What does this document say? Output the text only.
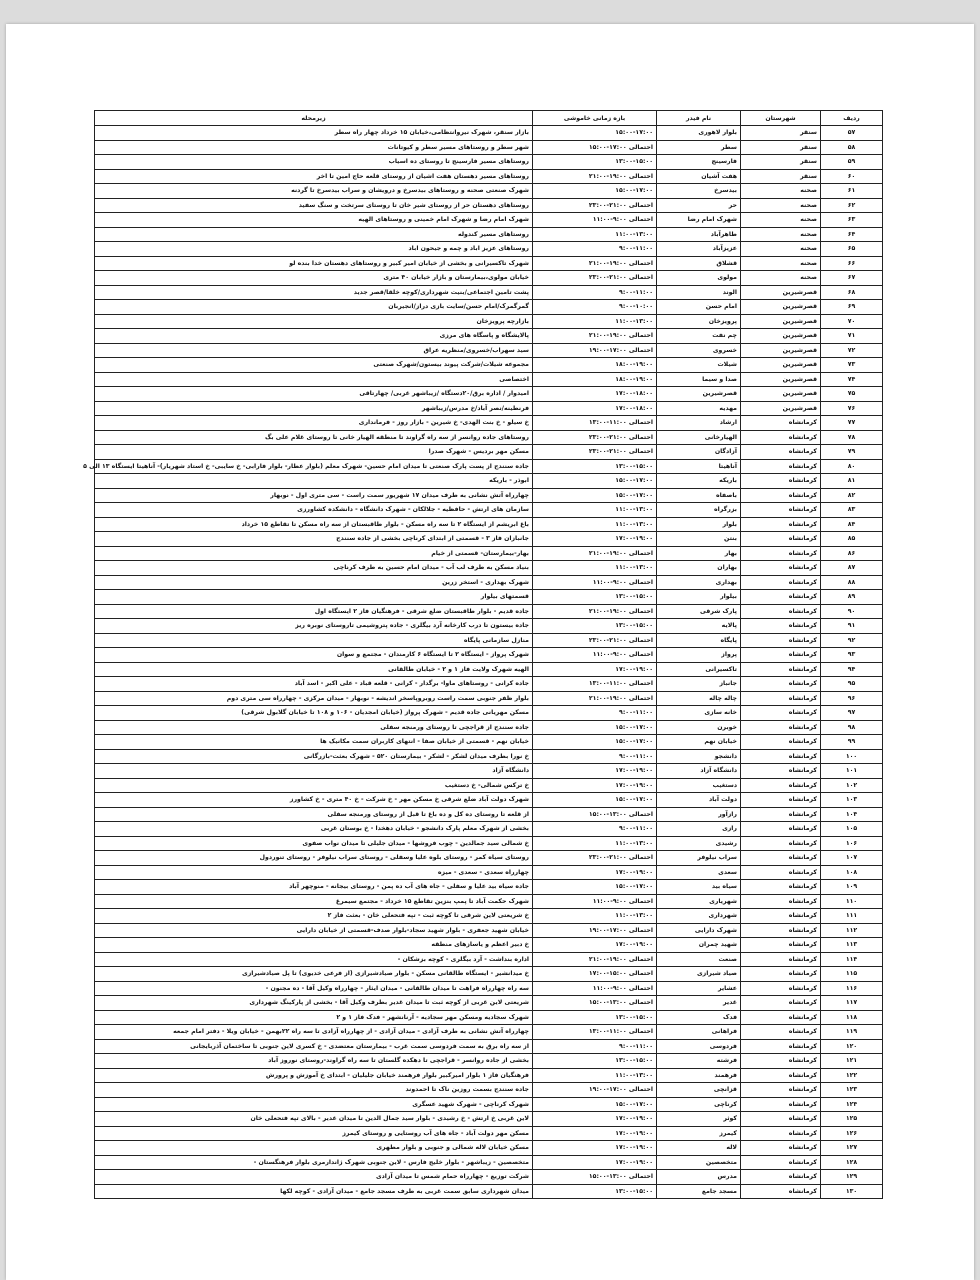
ردیف	شهرستان	نام فیدر	بازه زمانی خاموشی	زیرمحله
۵۷	سنقر	بلوار لاهوری	۱۵:۰۰-۱۷:۰۰	بازار سنقر، شهرک نیروانتظامی،خیابان ۱۵ خرداد چهار راه سطر
۵۸	سنقر	سطر	احتمالی ۱۷:۰۰-۱۵:۰۰	شهر سطر و روستاهای مسیر سطر و کیوتانات
۵۹	سنقر	فارسینج	۱۳:۰۰-۱۵:۰۰	روستاهای مسیر فارسینج تا روستای ده اسیاب
۶۰	سنقر	هفت آشیان	احتمالی ۱۹:۰۰-۲۱:۰۰	روستاهای مسیر دهستان هفت اشیان از روستای قلعه حاج امین تا اخر
۶۱	صحنه	بیدسرخ	۱۵:۰۰-۱۷:۰۰	شهرک صنعتی صحنه و روستاهای بیدسرخ و درویشان و سراب بیدسرخ تا گردنه
۶۲	صحنه	حر	احتمالی ۲۱:۰۰-۲۳:۰۰	روستاهای دهستان حر از روستای شیر خان تا روستای سرتخت و سنگ سفید
۶۳	صحنه	شهرک امام رضا	احتمالی ۹:۰۰-۱۱:۰۰	شهرک امام رضا و شهرک امام خمینی و روستاهای الهیه
۶۴	صحنه	طاهرآباد	۱۱:۰۰-۱۳:۰۰	روستاهای مسیر کندوله
۶۵	صحنه	عزیزآباد	۹:۰۰-۱۱:۰۰	روستاهای عزیز اباد و چمه و جیحون اباد
۶۶	صحنه	قشلاق	احتمالی ۱۹:۰۰-۲۱:۰۰	شهرک تاکسیرانی و بخشی از خیابان امیر کبیر و روستاهای دهستان خدا بنده لو
۶۷	صحنه	مولوی	احتمالی ۲۱:۰۰-۲۳:۰۰	خیابان مولوی،بیمارستان و بازار خیابان ۴۰ متری
۶۸	قصرشیرین	الوند	۹:۰۰-۱۱:۰۰	پشت تامین اجتماعی/بنیت شهرداری/کوچه خلقا/قصر جدید
۶۹	قصرشیرین	امام حسن	۹:۰۰-۱۰:۰۰	گمرگمرک/امام حسن/سایت بازی دراز/انجیربان
۷۰	قصرشیرین	پرویزخان	۱۱:۰۰-۱۳:۰۰	بازارچه پرویزخان
۷۱	قصرشیرین	چم نفت	احتمالی ۱۹:۰۰-۲۱:۰۰	پالایشگاه و پاسگاه های مرزی
۷۲	قصرشیرین	خسروی	احتمالی ۱۷:۰۰-۱۹:۰۰	سید سهراب/خسروی/منظریه عراق
۷۳	قصرشیرین	شیلات	۱۸:۰۰-۱۹:۰۰	مجموعه شیلات/شرکت پیوند بیستون/شهرک صنعتی
۷۴	قصرشیرین	صدا و سیما	۱۸:۰۰-۱۹:۰۰	اختصاصی
۷۵	قصرشیرین	قصرشیرین	۱۷:۰۰-۱۸:۰۰	امیدوار / اداره برق/۲۰دستگاه /زیباشهر غربی/ چهارتاقی
۷۶	قصرشیرین	مهدیه	۱۷:۰۰-۱۸:۰۰	فرنطینه/نصر آباد/خ مدرس/زیباشهر
۷۷	کرمانشاه	ارشاد	احتمالی ۱۱:۰۰-۱۳:۰۰	خ سیلو - خ بنت الهدی- خ شیرین - بازار روز - فرمانداری
۷۸	کرمانشاه	الهیارخانی	احتمالی ۲۱:۰۰-۲۳:۰۰	روستاهای جاده روانسر از سه راه گراوند تا منطقه الهیار خانی تا روستای غلام علی بگ
۷۹	کرمانشاه	آزادگان	احتمالی ۲۱:۰۰-۲۳:۰۰	مسکن مهر بردیس - شهرک صدرا
۸۰	کرمانشاه	آناهیتا	۱۳:۰۰-۱۵:۰۰	جاده سنندج از پست پارک صنعتی تا میدان امام حسین- شهرک معلم (بلوار عطار- بلوار فارابی- خ سایبی- خ استاد شهریار)- آناهیتا ایستگاه ۱۳ الی ۵
۸۱	کرمانشاه	باریکه	۱۵:۰۰-۱۷:۰۰	ابوذر - باریکه
۸۲	کرمانشاه	باصفاه	۱۵:۰۰-۱۷:۰۰	چهارراه آتش نشانی به طرف میدان ۱۷ شهریور سمت راست - سی متری اول - نوبهار
۸۳	کرمانشاه	بزرگراه	۱۱:۰۰-۱۳:۰۰	سازمان های ارتش - حافظیه - جلالکان - شهرک دانشگاه - دانشکده کشاورزی
۸۴	کرمانشاه	بلوار	۱۱:۰۰-۱۳:۰۰	باغ ابریشم از ایستگاه ۲ تا سه راه مسکن - بلوار طاقبستان از سه راه مسکن تا تقاطع ۱۵ خرداد
۸۵	کرمانشاه	بنتن	۱۷:۰۰-۱۹:۰۰	جانبازان فاز ۳ - قسمتی از ابتدای کرناچی بخشی از جاده سنندج
۸۶	کرمانشاه	بهار	احتمالی ۱۹:۰۰-۲۱:۰۰	بهار-بیمارستان- قسمتی از خیام
۸۷	کرمانشاه	بهاران	۱۱:۰۰-۱۳:۰۰	بنیاد مسکن به طرف لب آب - میدان امام حسین به طرف کرناچی
۸۸	کرمانشاه	بهداری	احتمالی ۹:۰۰-۱۱:۰۰	شهرک بهداری - استخر زرین
۸۹	کرمانشاه	بیلوار	۱۳:۰۰-۱۵:۰۰	قسمتهای بیلوار
۹۰	کرمانشاه	پارک شرقی	احتمالی ۱۹:۰۰-۲۱:۰۰	جاده قدیم - بلوار طاقبستان ضلع شرقی - فرهنگیان فاز ۲ ایستگاه اول
۹۱	کرمانشاه	پالایه	۱۳:۰۰-۱۵:۰۰	جاده بیستون تا درب کارخانه آرد بیگلری - جاده پتروشیمی تاروستای نوبره ریز
۹۲	کرمانشاه	پایگاه	احتمالی ۲۱:۰۰-۲۳:۰۰	منازل سازمانی پایگاه
۹۳	کرمانشاه	پرواز	احتمالی ۹:۰۰-۱۱:۰۰	شهرک پرواز - ایستگاه ۲ تا ایستگاه ۶ کارمندان - مجتمع و سوان
۹۴	کرمانشاه	تاکسیرانی	۱۷:۰۰-۱۹:۰۰	الهیه شهرک ولایت فاز ۱ و ۲ - خیابان طالقانی
۹۵	کرمانشاه	جانباز	احتمالی ۱۱:۰۰-۱۳:۰۰	جاده کرانی - روستاهای ماوا- برگدار - کرانی - قلعه قباد - علی اکبر - اسد آباد
۹۶	کرمانشاه	چاله چاله	احتمالی ۱۹:۰۰-۲۱:۰۰	بلوار ظفر جنوبی سمت راست روبروپاسخر اندیشه - نوبهار - میدان مرکزی - چهارراه سی متری دوم
۹۷	کرمانشاه	خانه سازی	۹:۰۰-۱۱:۰۰	مسکن مهریانی جاده قدیم - شهرک پرواز (خیابان امجدیان - ۱۰۶ و ۱۰۸ تا خیابان گلابول شرقی)
۹۸	کرمانشاه	خوبرن	۱۵:۰۰-۱۷:۰۰	جاده سنندج از قراجچی تا روستای ورمنجه سفلی
۹۹	کرمانشاه	خیابان نهم	۱۵:۰۰-۱۷:۰۰	خیابان نهم - قسمتی از خیابان صفا - انتهای کاربران سمت مکانیک ها
۱۰۰	کرمانشاه	دانشجو	۹:۰۰-۱۱:۰۰	خ نورا بطرف میدان لشکر - لشکر - بیمارستان ۵۲۰ - شهرک بعثت-بازرگانی
۱۰۱	کرمانشاه	دانشگاه آزاد	۱۷:۰۰-۱۹:۰۰	دانشگاه آزاد
۱۰۲	کرمانشاه	دستغیب	۱۷:۰۰-۱۹:۰۰	خ ترکس شمالی- خ دستغیب
۱۰۳	کرمانشاه	دولت آباد	۱۵:۰۰-۱۷:۰۰	شهرک دولت آباد ضلع شرقی خ مسکن مهر - خ شرکت - خ ۴۰ متری - خ کشاورز
۱۰۴	کرمانشاه	رازآور	احتمالی ۱۳:۰۰-۱۵:۰۰	از قلعه تا روستای ده کل و ده باغ تا قبل از روستای ورمنجه سفلی
۱۰۵	کرمانشاه	رازی	۹:۰۰-۱۱:۰۰	بخشی از شهرک معلم پارک دانشجو - خیابان دهخدا - خ بوستان غربی
۱۰۶	کرمانشاه	رشیدی	۱۱:۰۰-۱۳:۰۰	خ شمالی سید جمالدین - چوب فروشها - میدان جلیلی تا میدان نواب صفوی
۱۰۷	کرمانشاه	سراب نیلوفر	احتمالی ۲۱:۰۰-۲۳:۰۰	روستای سیاه کمر - روستای بلوه علیا وسفلی - روستای سراب نیلوفر - روستای تنوردول
۱۰۸	کرمانشاه	سعدی	۱۷:۰۰-۱۹:۰۰	چهارراه سعدی - سعدی - میزه
۱۰۹	کرمانشاه	سیاه بید	۱۵:۰۰-۱۷:۰۰	جاده سیاه بید علیا و سفلی - جاه های آب ده پمن - روستای بیجانه - منوچهر آباد
۱۱۰	کرمانشاه	شهریاری	احتمالی ۹:۰۰-۱۱:۰۰	شهرک حکمت آباد تا پمپ بنزین تقاطع ۱۵ خرداد - مجتمع سیمرغ
۱۱۱	کرمانشاه	شهرداری	۱۱:۰۰-۱۳:۰۰	خ شریعتی لاین شرقی تا کوچه ثبت - تپه فتحعلی خان - بعثت فاز ۲
۱۱۲	کرمانشاه	شهرک دارایی	احتمالی ۱۷:۰۰-۱۹:۰۰	خیابان شهید جعفری - بلوار شهید سجاد-بلوار صدف-قسمتی از خیابان دارایی
۱۱۳	کرمانشاه	شهید چمران	۱۷:۰۰-۱۹:۰۰	خ دبیر اعظم و یاسازهای منطقه
۱۱۴	کرمانشاه	صنعت	احتمالی ۱۹:۰۰-۲۱:۰۰	اداره بنداشت - آرد بیگلری - کوچه بزشکان -
۱۱۵	کرمانشاه	صیاد شیرازی	احتمالی ۱۵:۰۰-۱۷:۰۰	خ میدانشیر - ایستگاه طالقانی مسکن - بلوار صیادشیرازی (از فرعی خدیوی) تا پل صیادشیرازی
۱۱۶	کرمانشاه	عشایر	احتمالی ۹:۰۰-۱۱:۰۰	سه راه چهارراه فراهت تا میدان طالقانی - میدان ایثار - چهارراه وکیل آقا - ده مجنون -
۱۱۷	کرمانشاه	غدیر	احتمالی ۱۳:۰۰-۱۵:۰۰	شریعتی لاین غربی از کوچه ثبت تا میدان غدیر بطرف وکیل آقا - بخشی از پارکینگ شهرداری
۱۱۸	کرمانشاه	فدک	۱۳:۰۰-۱۵:۰۰	شهرک سجادیه ومسکن مهر سجادیه - آرنانشهر - فدک فاز ۱ و ۲
۱۱۹	کرمانشاه	فراهانی	احتمالی ۱۱:۰۰-۱۳:۰۰	چهارراه آتش نشانی به طرف آزادی - میدان آزادی - از چهارراه آزادی تا سه راه ۲۲بهمن - خیابان ویلا - دفتر امام جمعه
۱۲۰	کرمانشاه	فردوسی	۹:۰۰-۱۱:۰۰	از سه راه برق به سمت فردوسی سمت غرب - بیمارستان معتضدی - خ کسری لاین جنوبی تا ساختمان آذربایجانی
۱۲۱	کرمانشاه	فرشته	۱۳:۰۰-۱۵:۰۰	بخشی از جاده روانسر - قراجچی تا دهکده گلستان تا سه راه گراوند-روستای نوروز آباد
۱۲۲	کرمانشاه	فرهمند	۱۱:۰۰-۱۳:۰۰	فرهنگیان فاز ۱ بلوار امیرکبیر بلوار فرهمند خیابان جلیلیان - ابتدای خ آموزش و پرورش
۱۲۳	کرمانشاه	قزانچی	احتمالی ۱۷:۰۰-۱۹:۰۰	جاده سنندج بسمت روزین ناک تا احمدوند
۱۲۴	کرمانشاه	کرناچی	۱۵:۰۰-۱۷:۰۰	شهرک کرناچی - شهرک شهید عسگری
۱۲۵	کرمانشاه	کوثر	۱۷:۰۰-۱۹:۰۰	لاین غربی خ ارتش - خ رشیدی - بلوار سید جمال الدین تا میدان غدیر - بالای تپه فتحعلی خان
۱۲۶	کرمانشاه	کیمرز	۱۷:۰۰-۱۹:۰۰	مسکن مهر دولت آباد - جاه های آب روستایی و روستای کیمرز
۱۲۷	کرمانشاه	لاله	۱۷:۰۰-۱۹:۰۰	مسکن خیابان لاله شمالی و جنوبی و بلوار مطهری
۱۲۸	کرمانشاه	متخصصین	۱۷:۰۰-۱۹:۰۰	متخصصین - زیباشهر - بلوار خلیج فارس - لاین جنوبی شهرک ژاندارمری بلوار فرهنگستان -
۱۲۹	کرمانشاه	مدرس	احتمالی ۱۳:۰۰-۱۵:۰۰	شرکت توزیع - چهارراه حمام شمس تا میدان آزادی
۱۳۰	کرمانشاه	مسجد جامع	۱۳:۰۰-۱۵:۰۰	میدان شهرداری سابق سمت غربی به طرف مسجد جامع - میدان آزادی - کوچه لکها
